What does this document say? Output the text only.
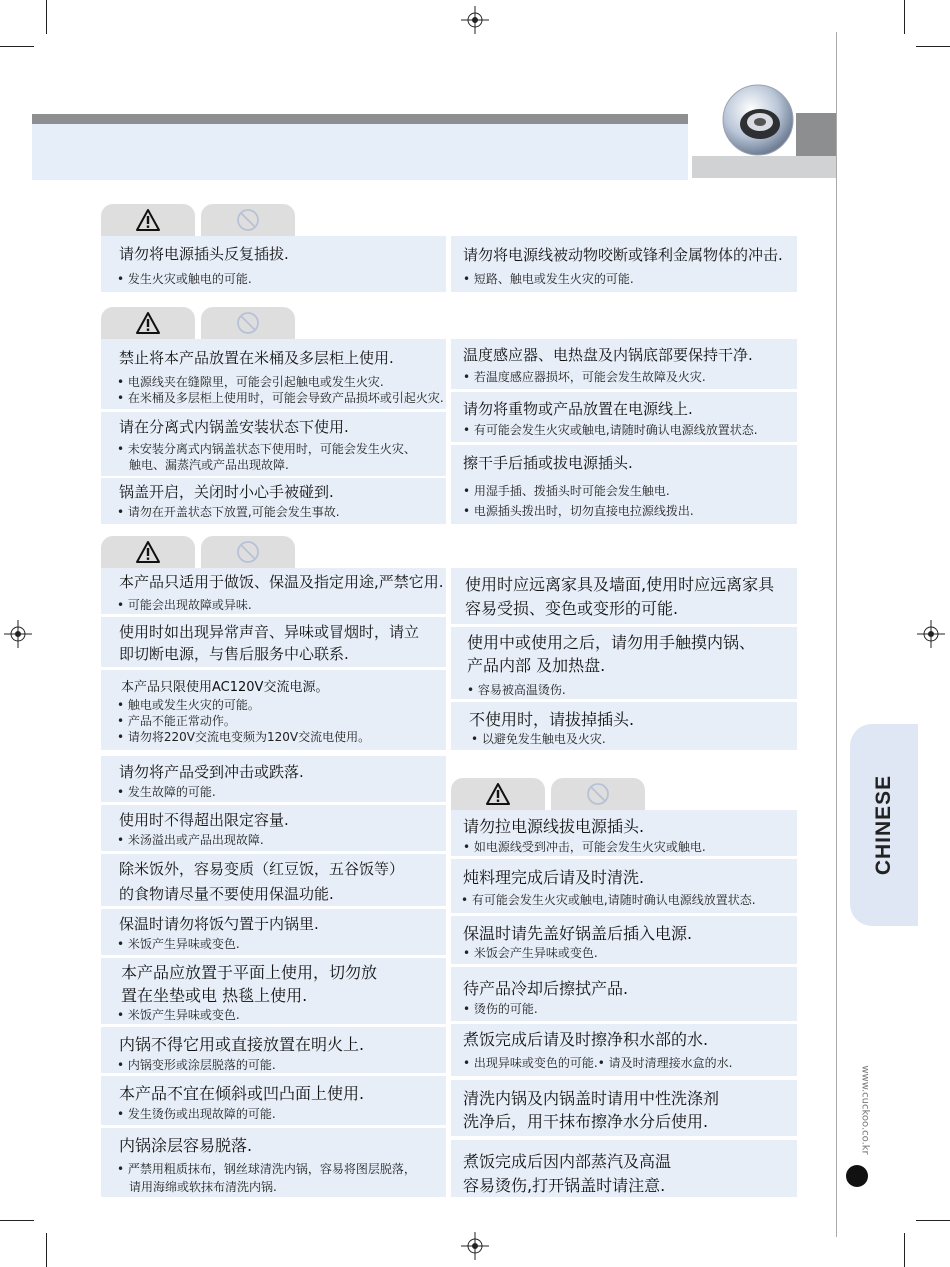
请勿将电源插头反复插拔.
• 发生火灾或触电的可能.
请勿将电源线被动物咬断或锋利金属物体的冲击.
• 短路、触电或发生火灾的可能.
禁止将本产品放置在米桶及多层柜上使用.
• 电源线夹在缝隙里，可能会引起触电或发生火灾.
• 在米桶及多层柜上使用时，可能会导致产品损坏或引起火灾.
请在分离式内锅盖安装状态下使用.
• 未安装分离式内锅盖状态下使用时，可能会发生火灾、
触电、漏蒸汽或产品出现故障.
锅盖开启，关闭时小心手被碰到.
• 请勿在开盖状态下放置,可能会发生事故.
温度感应器、电热盘及内锅底部要保持干净.
• 若温度感应器损坏，可能会发生故障及火灾.
请勿将重物或产品放置在电源线上.
• 有可能会发生火灾或触电,请随时确认电源线放置状态.
擦干手后插或拔电源插头.
• 用湿手插、拨插头时可能会发生触电.
• 电源插头拨出时，切勿直接电拉源线拨出.
本产品只适用于做饭、保温及指定用途,严禁它用.
• 可能会出现故障或异味.
使用时如出现异常声音、异味或冒烟时，请立
即切断电源，与售后服务中心联系.
本产品只限使用AC120V交流电源。
• 触电或发生火灾的可能。
• 产品不能正常动作。
• 请勿将220V交流电变频为120V交流电使用。
请勿将产品受到冲击或跌落.
• 发生故障的可能.
使用时不得超出限定容量.
• 米汤溢出或产品出现故障.
除米饭外，容易变质（红豆饭，五谷饭等）
的食物请尽量不要使用保温功能.
保温时请勿将饭勺置于内锅里.
• 米饭产生异味或变色.
本产品应放置于平面上使用，切勿放
置在坐垫或电 热毯上使用.
• 米饭产生异味或变色.
内锅不得它用或直接放置在明火上.
• 内锅变形或涂层脱落的可能.
本产品不宜在倾斜或凹凸面上使用.
• 发生烫伤或出现故障的可能.
内锅涂层容易脱落.
• 严禁用粗质抹布，钢丝球清洗内锅，容易将图层脱落，
请用海绵或软抹布清洗内锅.
使用时应远离家具及墙面,使用时应远离家具
容易受损、变色或变形的可能.
使用中或使用之后，请勿用手触摸内锅、
产品内部 及加热盘.
• 容易被高温烫伤.
不使用时，请拔掉插头.
• 以避免发生触电及火灾.
请勿拉电源线拔电源插头.
• 如电源线受到冲击，可能会发生火灾或触电.
炖料理完成后请及时清洗.
• 有可能会发生火灾或触电,请随时确认电源线放置状态.
保温时请先盖好锅盖后插入电源.
• 米饭会产生异味或变色.
待产品冷却后擦拭产品.
• 烫伤的可能.
煮饭完成后请及时擦净积水部的水.
• 出现异味或变色的可能.• 请及时清理接水盒的水.
清洗内锅及内锅盖时请用中性洗涤剂
洗净后，用干抹布擦净水分后使用.
煮饭完成后因内部蒸汽及高温
容易烫伤,打开锅盖时请注意.
CHINESE
www.cuckoo.co.kr
